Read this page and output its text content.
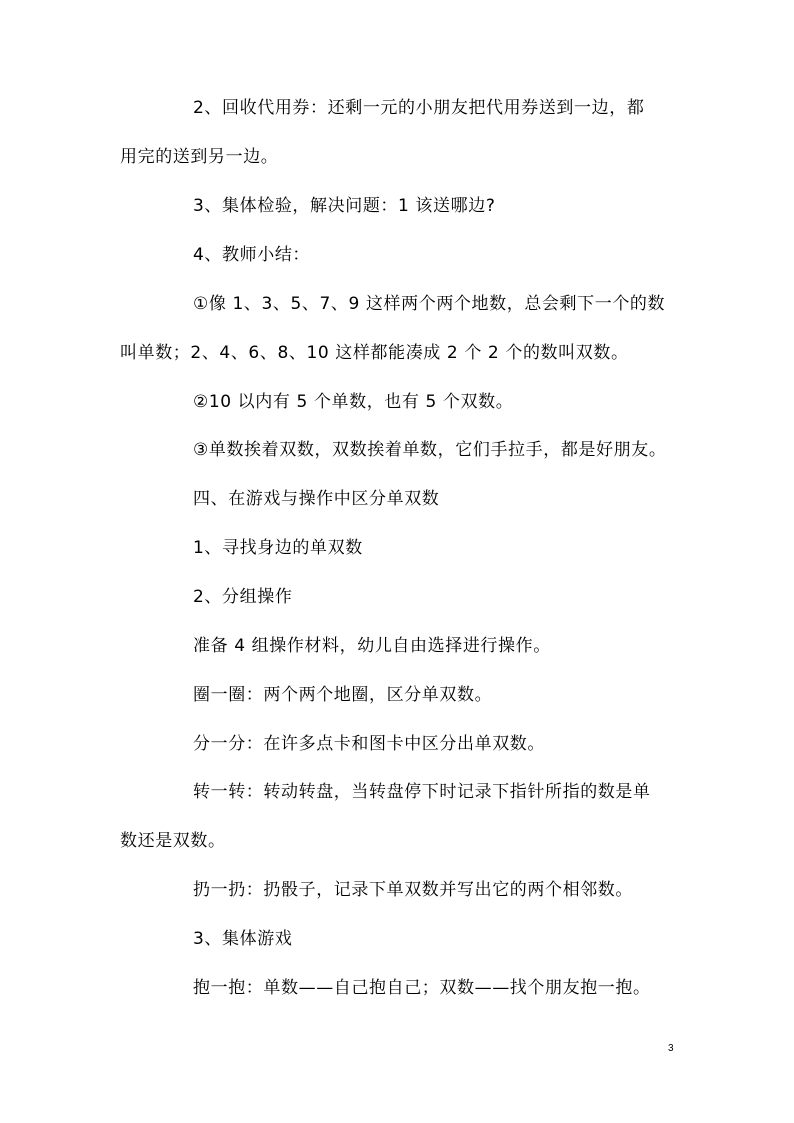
2、回收代用券：还剩一元的小朋友把代用券送到一边，都
用完的送到另一边。
3、集体检验，解决问题：1 该送哪边?
4、教师小结：
①像 1、3、5、7、9 这样两个两个地数，总会剩下一个的数
叫单数；2、4、6、8、10 这样都能凑成 2 个 2 个的数叫双数。
②10 以内有 5 个单数，也有 5 个双数。
③单数挨着双数，双数挨着单数，它们手拉手，都是好朋友。
四、在游戏与操作中区分单双数
1、寻找身边的单双数
2、分组操作
准备 4 组操作材料，幼儿自由选择进行操作。
圈一圈：两个两个地圈，区分单双数。
分一分：在许多点卡和图卡中区分出单双数。
转一转：转动转盘，当转盘停下时记录下指针所指的数是单
数还是双数。
扔一扔：扔骰子，记录下单双数并写出它的两个相邻数。
3、集体游戏
抱一抱：单数——自己抱自己；双数——找个朋友抱一抱。
3
